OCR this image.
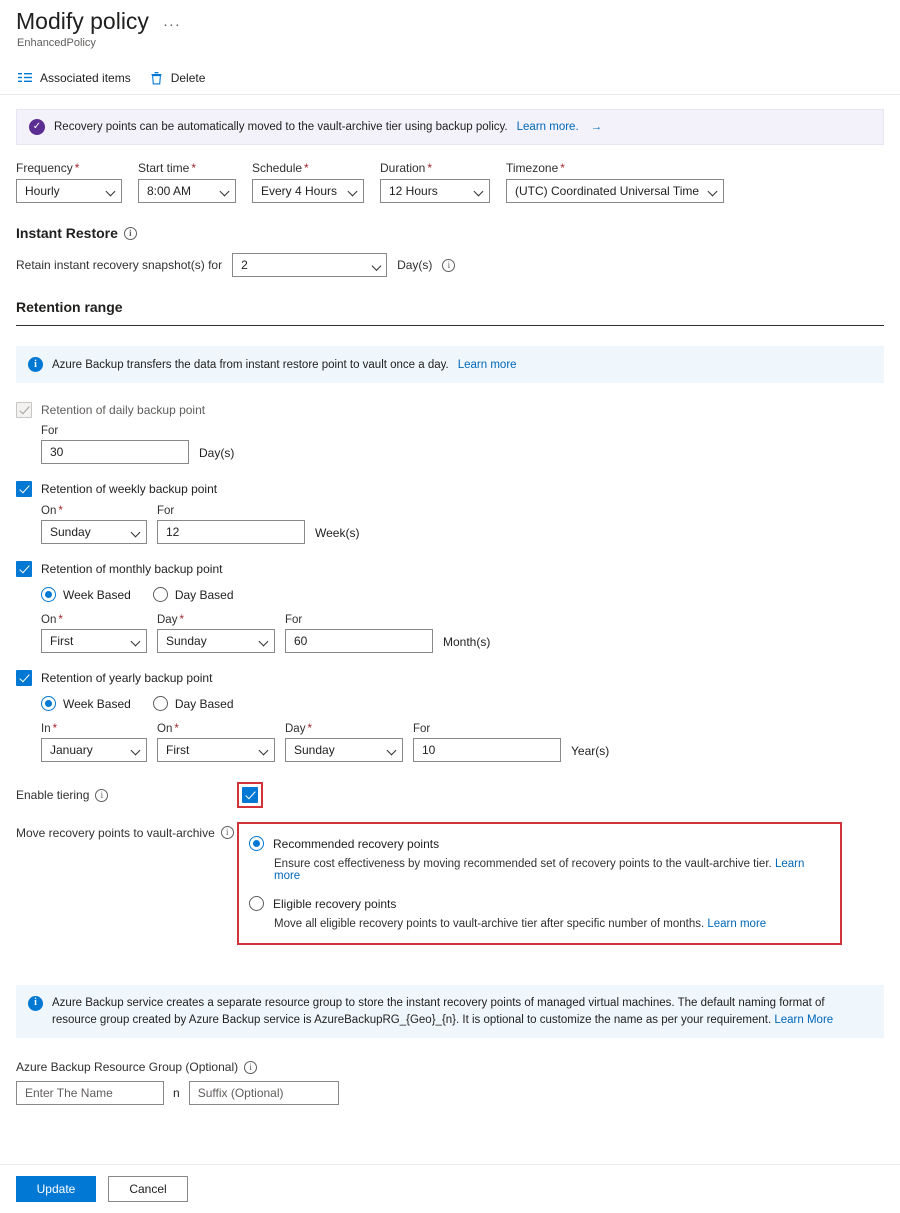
Modify policy ···
EnhancedPolicy
Associated items	Delete
✓	Recovery points can be automatically moved to the vault-archive tier using backup policy. Learn more. →
Frequency *
Hourly
Start time *
8:00 AM
Schedule *
Every 4 Hours
Duration *
12 Hours
Timezone *
(UTC) Coordinated Universal Time
Instant Restore	i
Retain instant recovery snapshot(s) for
2	Day(s)	i
Retention range
i	Azure Backup transfers the data from instant restore point to vault once a day. Learn more
Retention of daily backup point
For
30
Day(s)
Retention of weekly backup point
On *
Sunday
For
12
Week(s)
Retention of monthly backup point
Week Based	Day Based
On *
First
Day *
Sunday
For
60
Month(s)
Retention of yearly backup point
Week Based	Day Based
In *
January
On *
First
Day *
Sunday
For
10
Year(s)
Enable tiering	i
Move recovery points to vault-archive	i
Recommended recovery points
Ensure cost effectiveness by moving recommended set of recovery points to the vault-archive tier. Learn more
Eligible recovery points
Move all eligible recovery points to vault-archive tier after specific number of months. Learn more
i	Azure Backup service creates a separate resource group to store the instant recovery points of managed virtual machines. The default naming format of resource group created by Azure Backup service is AzureBackupRG_{Geo}_{n}. It is optional to customize the name as per your requirement. Learn More
Azure Backup Resource Group (Optional)	i
Enter The Name
n
Suffix (Optional)
Update	Cancel
